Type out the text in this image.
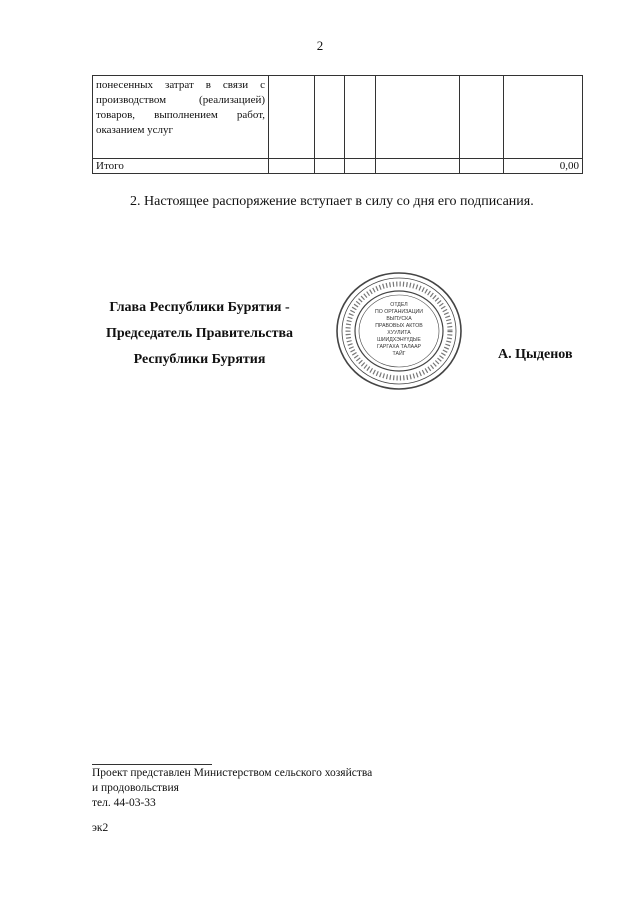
2
понесенных затрат в связи с производством (реализацией) товаров, выполнением работ, оказанием услуг						
Итого						0,00
2. Настоящее распоряжение вступает в силу со дня его подписания.
Глава Республики Бурятия -
Председатель Правительства
Республики Бурятия
ОТДЕЛ
ПО ОРГАНИЗАЦИИ
ВЫПУСКА
ПРАВОВЫХ АКТОВ
ХУУЛИТА
ШИИДХЭНҮҮДЫЕ
ГАРГАХА ТАЛААР
ТАЙГ	А. Цыденов
Проект представлен Министерством сельского хозяйства
и продовольствия
тел. 44-03-33
эк2
